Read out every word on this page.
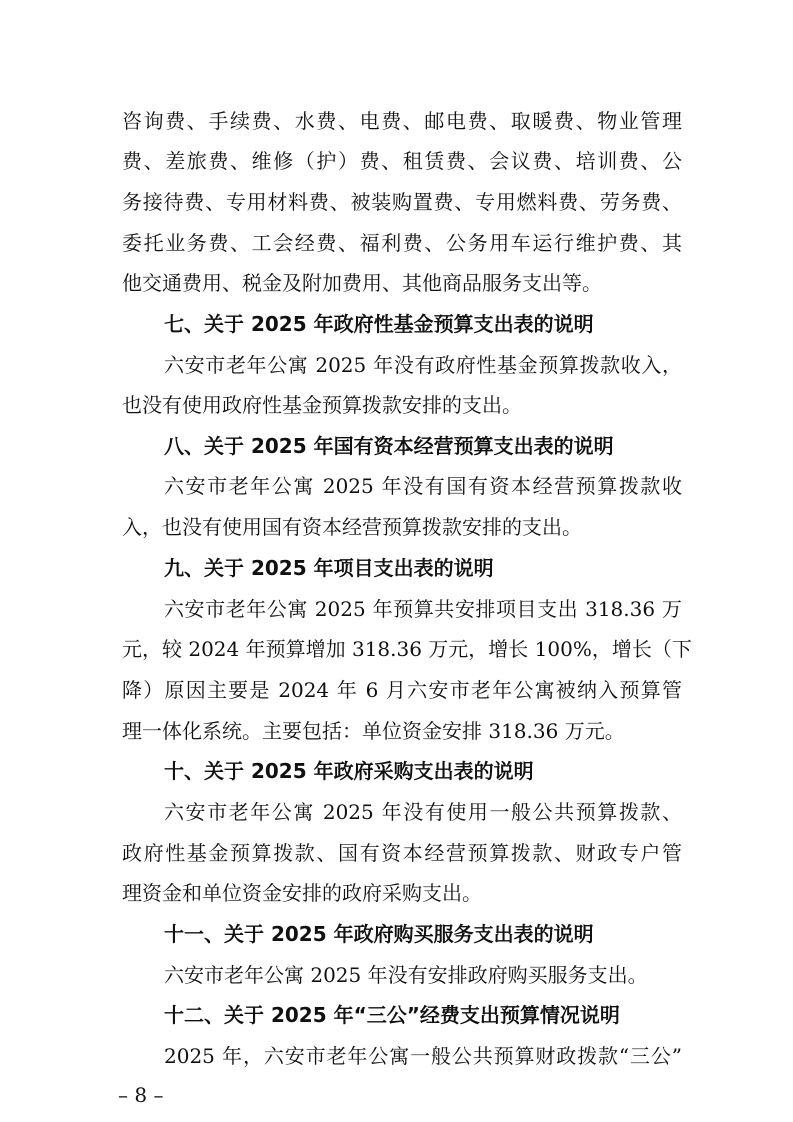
咨询费、手续费、水费、电费、邮电费、取暖费、物业管理
费、差旅费、维修（护）费、租赁费、会议费、培训费、公
务接待费、专用材料费、被装购置费、专用燃料费、劳务费、
委托业务费、工会经费、福利费、公务用车运行维护费、其
他交通费用、税金及附加费用、其他商品服务支出等。
七、关于 2025 年政府性基金预算支出表的说明
六安市老年公寓 2025 年没有政府性基金预算拨款收入，
也没有使用政府性基金预算拨款安排的支出。
八、关于 2025 年国有资本经营预算支出表的说明
六安市老年公寓 2025 年没有国有资本经营预算拨款收
入，也没有使用国有资本经营预算拨款安排的支出。
九、关于 2025 年项目支出表的说明
六安市老年公寓 2025 年预算共安排项目支出 318.36 万
元，较 2024 年预算增加 318.36 万元，增长 100%，增长（下
降）原因主要是 2024 年 6 月六安市老年公寓被纳入预算管
理一体化系统。主要包括：单位资金安排 318.36 万元。
十、关于 2025 年政府采购支出表的说明
六安市老年公寓 2025 年没有使用一般公共预算拨款、
政府性基金预算拨款、国有资本经营预算拨款、财政专户管
理资金和单位资金安排的政府采购支出。
十一、关于 2025 年政府购买服务支出表的说明
六安市老年公寓 2025 年没有安排政府购买服务支出。
十二、关于 2025 年“三公”经费支出预算情况说明
2025 年，六安市老年公寓一般公共预算财政拨款“三公”
– 8 –
